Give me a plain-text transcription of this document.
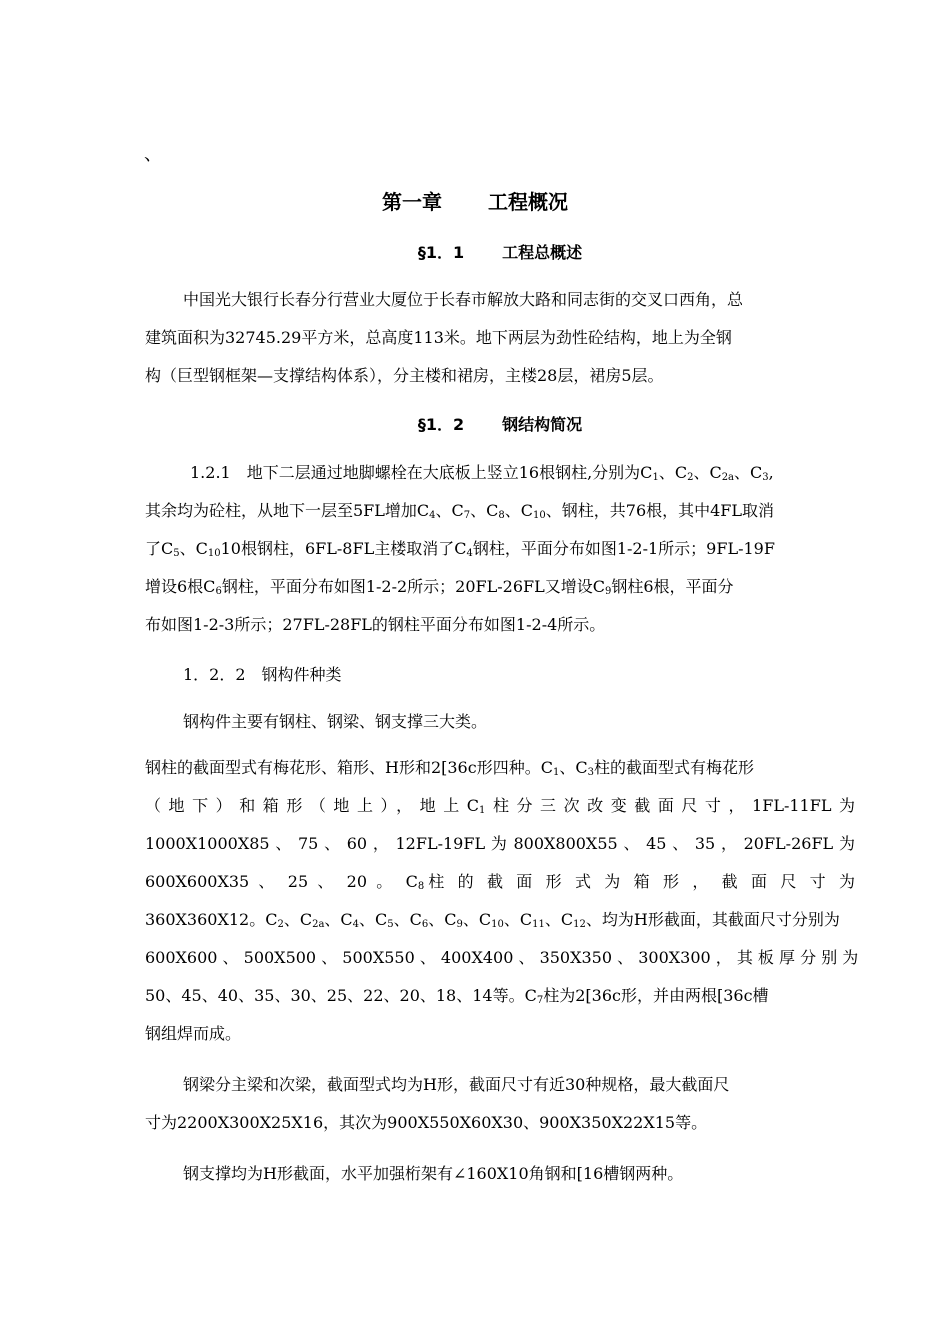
、
第一章 工程概况
§1．1 工程总概述

中国光大银行长春分行营业大厦位于长春市解放大路和同志街的交叉口西角，总

建筑面积为32745.29平方米，总高度113米。地下两层为劲性砼结构，地上为全钢

构（巨型钢框架—支撑结构体系），分主楼和裙房，主楼28层，裙房5层。

§1．2 钢结构简况

1.2.1　 地下二层通过地脚螺栓在大底板上竖立16根钢柱,分别为$C_1$、$C_2$、$C_{2a}$、$C_3$,

其余均为砼柱，从地下一层至5FL增加$C_4$、$C_7$、$C_8$、$C_{10}$、钢柱，共76根，其中4FL取消

了$C_5$、$C_{10}10$根钢柱，6FL-8FL主楼取消了$C_4$钢柱，平面分布如图1-2-1所示；9FL-19F

增设6根$C_6$钢柱，平面分布如图1-2-2所示；20FL-26FL又增设$C_9$钢柱6根，平面分

布如图1-2-3所示；27FL-28FL的钢柱平面分布如图1-2-4所示。

1．2．2　钢构件种类

钢构件主要有钢柱、钢梁、钢支撑三大类。

钢柱的截面型式有梅花形、箱形、H形和2[36c形四种。$C_1$、$C_3$柱的截面型式有梅花形

（地下）和箱形（地上），地上$C_1$柱分三次改变截面尺寸，1FL-11FL为

1000X1000X85 、 75 、 60 ， 12FL-19FL 为 800X800X55 、 45 、 35 ， 20FL-26FL 为

600X600X35 、 25 、 20 。 $C_8$柱 的 截 面 形 式 为 箱 形 ， 截 面 尺 寸 为

360X360X12。$C_2$、$C_{2a}$、$C_4$、$C_5$、$C_6$、$C_9$、$C_{10}$、$C_{11}$、$C_{12}$、均为H形截面，其截面尺寸分别为

600X600 、 500X500 、 500X550 、 400X400 、 350X350 、 300X300 ， 其 板 厚 分 别 为

50、45、40、35、30、25、22、20、18、14等。$C_7$柱为2[36c形，并由两根[36c槽

钢组焊而成。

钢梁分主梁和次梁，截面型式均为H形，截面尺寸有近30种规格，最大截面尺

寸为2200X300X25X16，其次为900X550X60X30、900X350X22X15等。

钢支撑均为H形截面，水平加强桁架有∠160X10角钢和[16槽钢两种。
